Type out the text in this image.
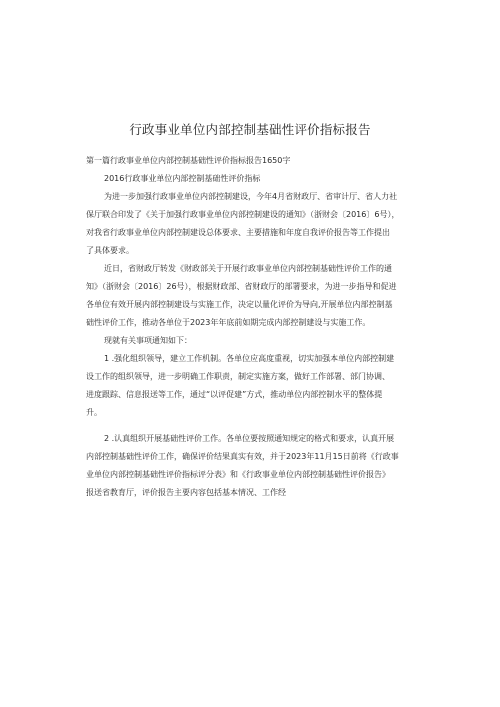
行政事业单位内部控制基础性评价指标报告
第一篇行政事业单位内部控制基础性评价指标报告1650字
2016行政事业单位内部控制基础性评价指标
为进一步加强行政事业单位内部控制建设，今年4月省财政厅、省审计厅、省人力社
保厅联合印发了《关于加强行政事业单位内部控制建设的通知》（浙财会〔2016〕6号），
对我省行政事业单位内部控制建设总体要求、主要措施和年度自我评价报告等工作提出
了具体要求。
近日，省财政厅转发《财政部关于开展行政事业单位内部控制基础性评价工作的通
知》（浙财会〔2016〕26号），根据财政部、省财政厅的部署要求，为进一步指导和促进
各单位有效开展内部控制建设与实施工作，决定以量化评价为导向,开展单位内部控制基
础性评价工作，推动各单位于2023年年底前如期完成内部控制建设与实施工作。
现就有关事项通知如下：
1 .强化组织领导，建立工作机制。各单位应高度重视，切实加强本单位内部控制建
设工作的组织领导，进一步明确工作职责，制定实施方案，做好工作部署、部门协调、
进度跟踪、信息报送等工作，通过“以评促建”方式，推动单位内部控制水平的整体提
升。
2 .认真组织开展基础性评价工作。各单位要按照通知规定的格式和要求，认真开展
内部控制基础性评价工作，确保评价结果真实有效，并于2023年11月15日前将《行政事
业单位内部控制基础性评价指标评分表》和《行政事业单位内部控制基础性评价报告》
报送省教育厅，评价报告主要内容包括基本情况、工作经
